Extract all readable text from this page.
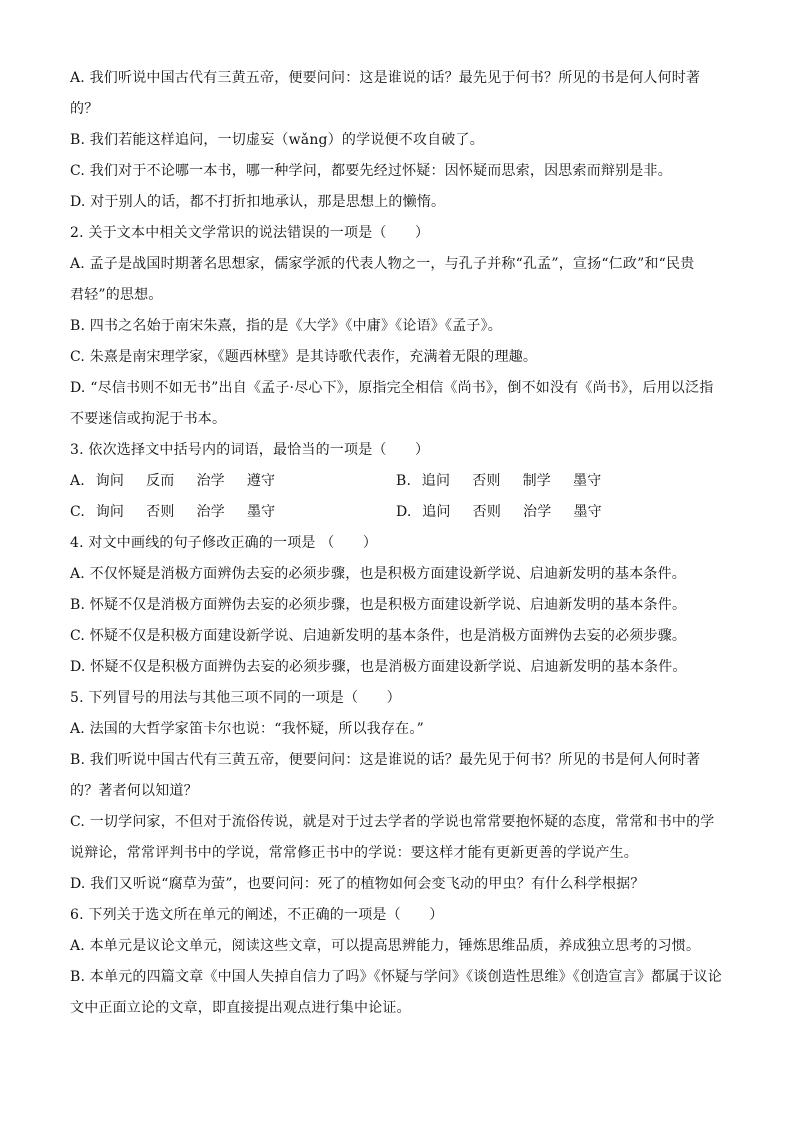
A. 我们听说中国古代有三黄五帝，便要问问：这是谁说的话？最先见于何书？所见的书是何人何时著
的？
B. 我们若能这样追问，一切虚妄（wǎng）的学说便不攻自破了。
C. 我们对于不论哪一本书，哪一种学问，都要先经过怀疑：因怀疑而思索，因思索而辩别是非。
D. 对于别人的话，都不打折扣地承认，那是思想上的懒惰。
2. 关于文本中相关文学常识的说法错误的一项是（　　）
A. 孟子是战国时期著名思想家，儒家学派的代表人物之一，与孔子并称“孔孟”，宣扬“仁政”和“民贵
君轻”的思想。
B. 四书之名始于南宋朱熹，指的是《大学》《中庸》《论语》《孟子》。
C. 朱熹是南宋理学家，《题西林壁》是其诗歌代表作，充满着无限的理趣。
D. “尽信书则不如无书”出自《孟子·尽心下》，原指完全相信《尚书》，倒不如没有《尚书》，后用以泛指
不要迷信或拘泥于书本。
3. 依次选择文中括号内的词语，最恰当的一项是（　　）
A. 询问 反而 治学 遵守	B. 追问 否则 制学 墨守
C. 询问 否则 治学 墨守	D. 追问 否则 治学 墨守
4. 对文中画线的句子修改正确的一项是 （　　）
A. 不仅怀疑是消极方面辨伪去妄的必须步骤，也是积极方面建设新学说、启迪新发明的基本条件。
B. 怀疑不仅是消极方面辨伪去妄的必须步骤，也是积极方面建设新学说、启迪新发明的基本条件。
C. 怀疑不仅是积极方面建设新学说、启迪新发明的基本条件，也是消极方面辨伪去妄的必须步骤。
D. 怀疑不仅是积极方面辨伪去妄的必须步骤，也是消极方面建设新学说、启迪新发明的基本条件。
5. 下列冒号的用法与其他三项不同的一项是（　　）
A. 法国的大哲学家笛卡尔也说：“我怀疑，所以我存在。”
B. 我们听说中国古代有三黄五帝，便要问问：这是谁说的话？最先见于何书？所见的书是何人何时著
的？著者何以知道？
C. 一切学问家，不但对于流俗传说，就是对于过去学者的学说也常常要抱怀疑的态度，常常和书中的学
说辩论，常常评判书中的学说，常常修正书中的学说：要这样才能有更新更善的学说产生。
D. 我们又听说“腐草为萤”，也要问问：死了的植物如何会变飞动的甲虫？有什么科学根据？
6. 下列关于选文所在单元的阐述，不正确的一项是（　　）
A. 本单元是议论文单元，阅读这些文章，可以提高思辨能力，锤炼思维品质，养成独立思考的习惯。
B. 本单元的四篇文章《中国人失掉自信力了吗》《怀疑与学问》《谈创造性思维》《创造宣言》都属于议论
文中正面立论的文章，即直接提出观点进行集中论证。
